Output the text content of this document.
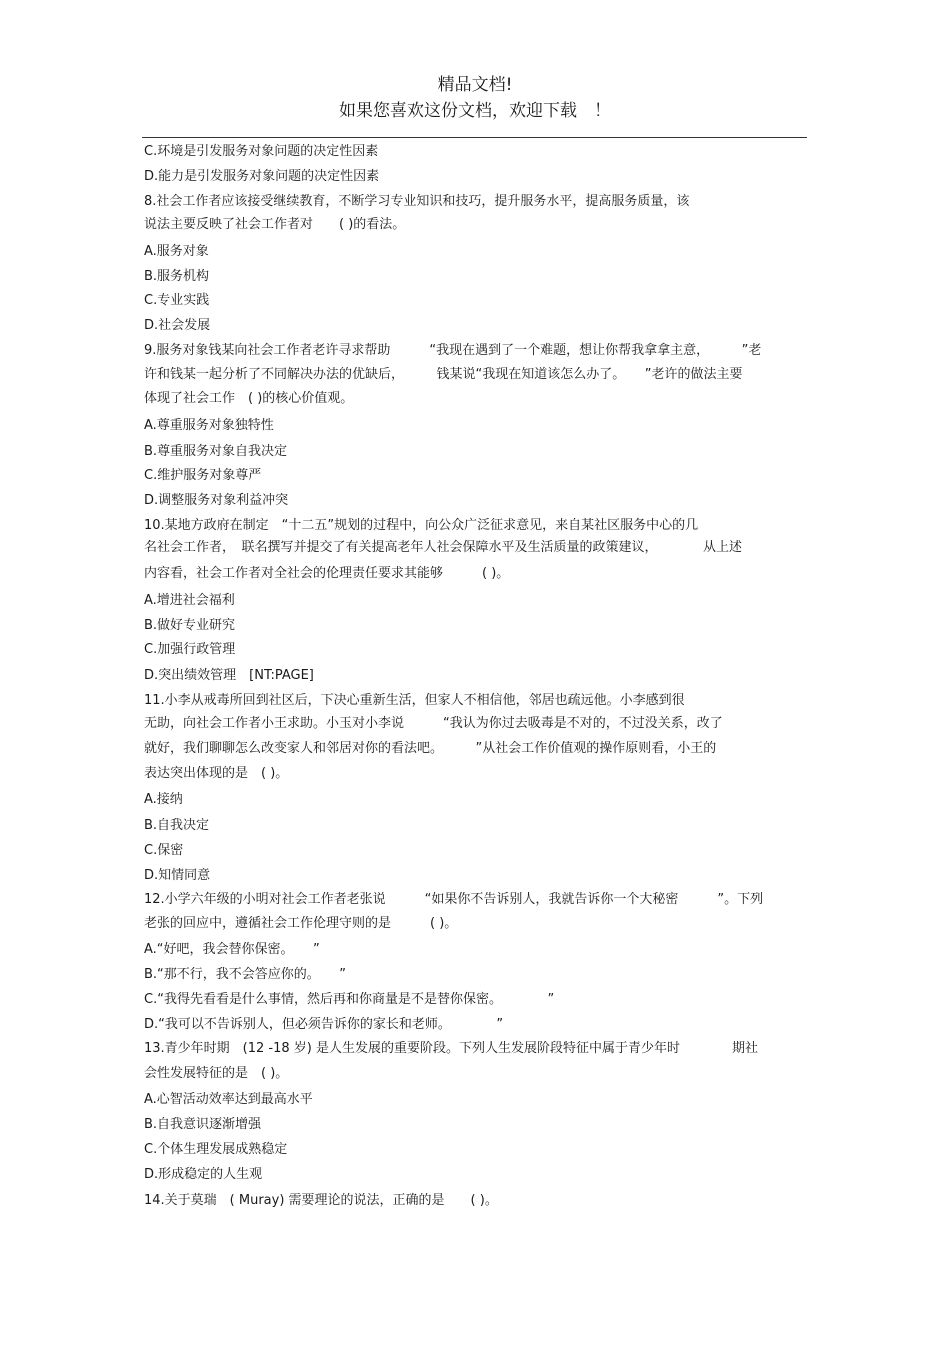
精品文档!
如果您喜欢这份文档，欢迎下载　！
C.环境是引发服务对象问题的决定性因素
D.能力是引发服务对象问题的决定性因素
8.社会工作者应该接受继续教育，不断学习专业知识和技巧，提升服务水平，提高服务质量，该
说法主要反映了社会工作者对　　( )的看法。
A.服务对象
B.服务机构
C.专业实践
D.社会发展
9.服务对象钱某向社会工作者老许寻求帮助　　　“我现在遇到了一个难题，想让你帮我拿拿主意，　　　”老
许和钱某一起分析了不同解决办法的优缺后，　　　钱某说“我现在知道该怎么办了。　　”老许的做法主要
体现了社会工作　( )的核心价值观。
A.尊重服务对象独特性
B.尊重服务对象自我决定
C.维护服务对象尊严
D.调整服务对象利益冲突
10.某地方政府在制定　“十二五”规划的过程中，向公众广泛征求意见，来自某社区服务中心的几
名社会工作者，　联名撰写并提交了有关提高老年人社会保障水平及生活质量的政策建议，　　　　从上述
内容看，社会工作者对全社会的伦理责任要求其能够　　　( )。
A.增进社会福利
B.做好专业研究
C.加强行政管理
D.突出绩效管理　[NT:PAGE]
11.小李从戒毒所回到社区后，下决心重新生活，但家人不相信他，邻居也疏远他。小李感到很
无助，向社会工作者小王求助。小玉对小李说　　　“我认为你过去吸毒是不对的，不过没关系，改了
就好，我们聊聊怎么改变家人和邻居对你的看法吧。　　　”从社会工作价值观的操作原则看，小王的
表达突出体现的是　( )。
A.接纳
B.自我决定
C.保密
D.知情同意
12.小学六年级的小明对社会工作者老张说　　　“如果你不告诉别人，我就告诉你一个大秘密　　　”。下列
老张的回应中，遵循社会工作伦理守则的是　　　( )。
A.“好吧，我会替你保密。　　”
B.“那不行，我不会答应你的。　　”
C.“我得先看看是什么事情，然后再和你商量是不是替你保密。　　　　”
D.“我可以不告诉别人，但必须告诉你的家长和老师。　　　　”
13.青少年时期　(12 -18 岁) 是人生发展的重要阶段。下列人生发展阶段特征中属于青少年时　　　　期社
会性发展特征的是　( )。
A.心智活动效率达到最高水平
B.自我意识逐渐增强
C.个体生理发展成熟稳定
D.形成稳定的人生观
14.关于莫瑞　( Muray) 需要理论的说法，正确的是　　( )。
